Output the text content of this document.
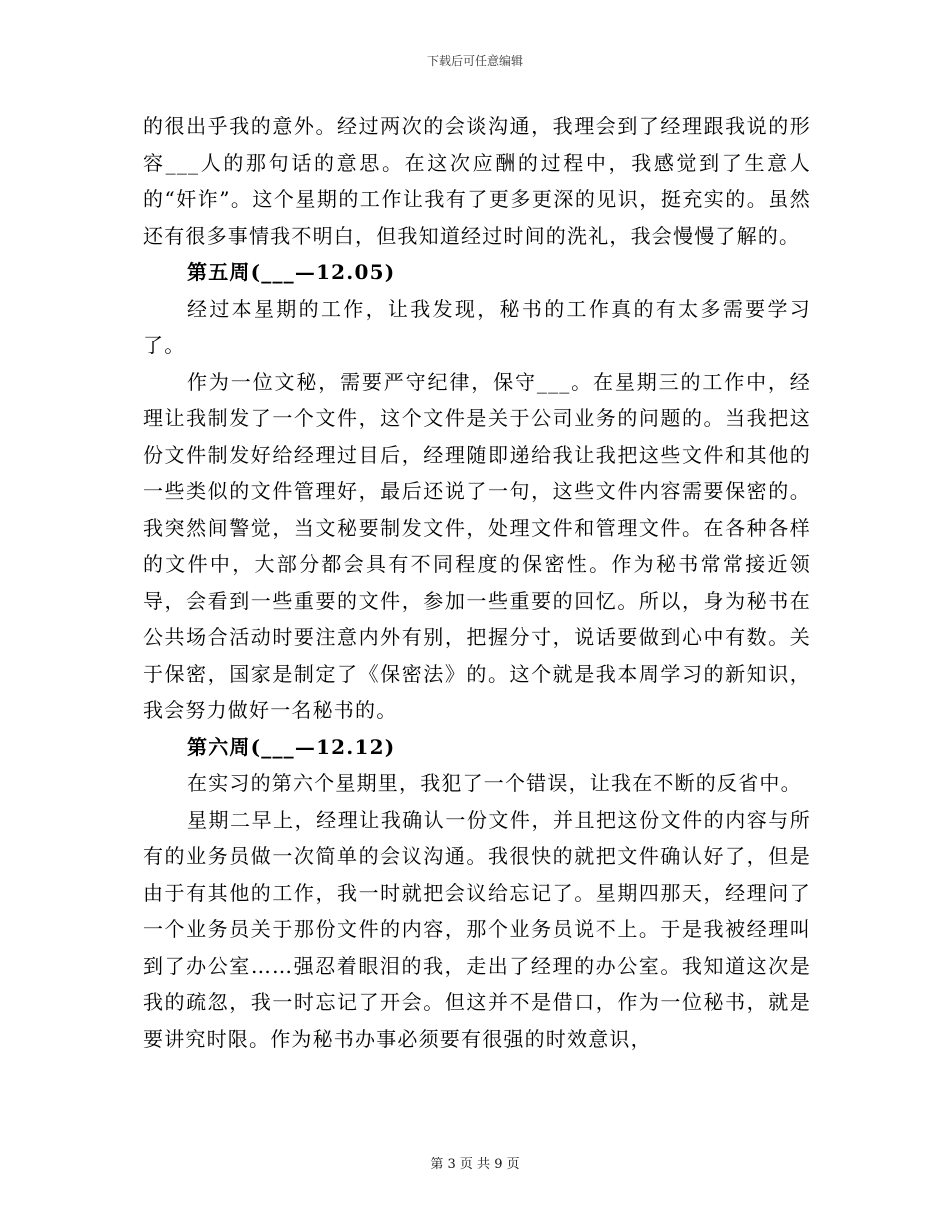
下载后可任意编辑

的很出乎我的意外。经过两次的会谈沟通，我理会到了经理跟我说的形容___人的那句话的意思。在这次应酬的过程中，我感觉到了生意人的“奸诈”。这个星期的工作让我有了更多更深的见识，挺充实的。虽然还有很多事情我不明白，但我知道经过时间的洗礼，我会慢慢了解的。

第五周(___—12.05)

经过本星期的工作，让我发现，秘书的工作真的有太多需要学习了。

作为一位文秘，需要严守纪律，保守___。在星期三的工作中，经理让我制发了一个文件，这个文件是关于公司业务的问题的。当我把这份文件制发好给经理过目后，经理随即递给我让我把这些文件和其他的一些类似的文件管理好，最后还说了一句，这些文件内容需要保密的。我突然间警觉，当文秘要制发文件，处理文件和管理文件。在各种各样的文件中，大部分都会具有不同程度的保密性。作为秘书常常接近领导，会看到一些重要的文件，参加一些重要的回忆。所以，身为秘书在公共场合活动时要注意内外有别，把握分寸，说话要做到心中有数。关于保密，国家是制定了《保密法》的。这个就是我本周学习的新知识，我会努力做好一名秘书的。

第六周(___—12.12)

在实习的第六个星期里，我犯了一个错误，让我在不断的反省中。

星期二早上，经理让我确认一份文件，并且把这份文件的内容与所有的业务员做一次简单的会议沟通。我很快的就把文件确认好了，但是由于有其他的工作，我一时就把会议给忘记了。星期四那天，经理问了一个业务员关于那份文件的内容，那个业务员说不上。于是我被经理叫到了办公室……强忍着眼泪的我，走出了经理的办公室。我知道这次是我的疏忽，我一时忘记了开会。但这并不是借口，作为一位秘书，就是要讲究时限。作为秘书办事必须要有很强的时效意识，

第 3 页 共 9 页
